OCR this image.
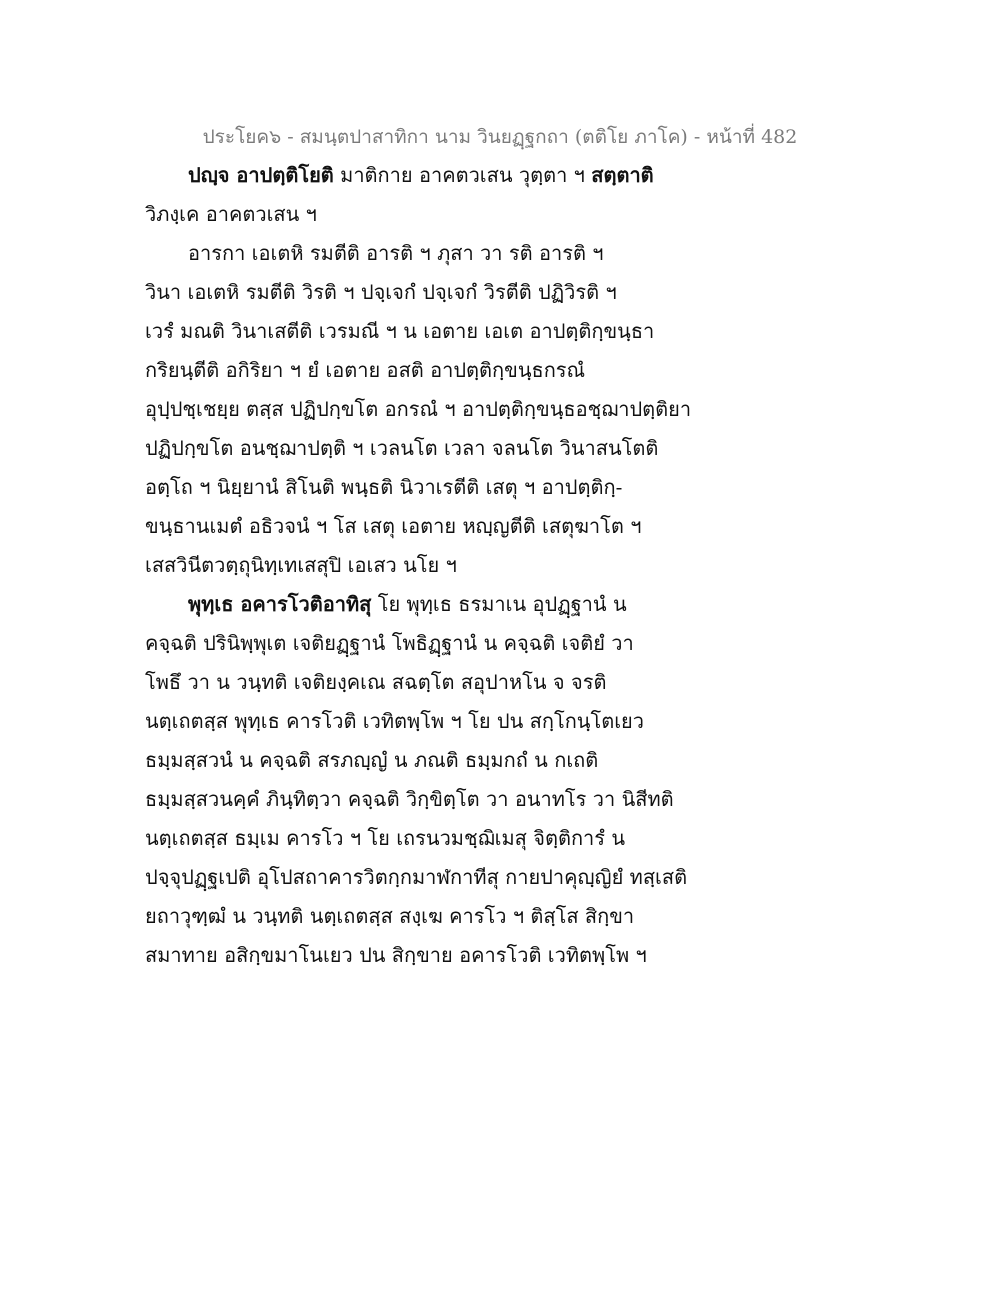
ประโยค๖ - สมนฺตปาสาทิกา นาม วินยฏฺฐกถา (ตติโย ภาโค) - หน้าที่ 482
ปญฺจ อาปตฺติโยติ มาติกาย อาคตวเสน วุตฺตา ฯ สตฺตาติ
วิภงฺเค อาคตวเสน ฯ
อารกา เอเตหิ รมตีติ อารติ ฯ ภุสา วา รติ อารติ ฯ
วินา เอเตหิ รมตีติ วิรติ ฯ ปจฺเจกํ ปจฺเจกํ วิรตีติ ปฏิวิรติ ฯ
เวรํ มณติ วินาเสตีติ เวรมณี ฯ น เอตาย เอเต อาปตฺติกฺขนฺธา
กริยนฺตีติ อกิริยา ฯ ยํ เอตาย อสติ อาปตฺติกฺขนฺธกรณํ
อุปฺปชฺเชยฺย ตสฺส ปฏิปกฺขโต อกรณํ ฯ อาปตฺติกฺขนฺธอชฺฌาปตฺติยา
ปฏิปกฺขโต อนชฺฌาปตฺติ ฯ เวลนโต เวลา จลนโต วินาสนโตติ
อตฺโถ ฯ นิยฺยานํ สิโนติ พนฺธติ นิวาเรตีติ เสตุ ฯ อาปตฺติกฺ-
ขนฺธานเมตํ อธิวจนํ ฯ โส เสตุ เอตาย หญฺญตีติ เสตุฆาโต ฯ
เสสวินีตวตฺถุนิทฺเทเสสุปิ เอเสว นโย ฯ
พุทฺเธ อคารโวติอาทิสุ โย พุทฺเธ ธรมาเน อุปฏฺฐานํ น
คจฺฉติ ปรินิพฺพุเต เจติยฏฺฐานํ โพธิฏฺฐานํ น คจฺฉติ เจติยํ วา
โพธึ วา น วนฺทติ เจติยงฺคเณ สฉตฺโต สอุปาหโน จ จรติ
นตฺเถตสฺส พุทฺเธ คารโวติ เวทิตพฺโพ ฯ โย ปน สกฺโกนฺโตเยว
ธมฺมสฺสวนํ น คจฺฉติ สรภญฺญํ น ภณติ ธมฺมกถํ น กเถติ
ธมฺมสฺสวนคฺคํ ภินฺทิตฺวา คจฺฉติ วิกฺขิตฺโต วา อนาทโร วา นิสีทติ
นตฺเถตสฺส ธมฺเม คารโว ฯ โย เถรนวมชฺฌิเมสุ จิตฺติการํ น
ปจฺจุปฏฺฐเปติ อุโปสถาคารวิตกฺกมาฬกาทีสุ กายปาคุญฺญิยํ ทสฺเสติ
ยถาวุฑฺฒํ น วนฺทติ นตฺเถตสฺส สงฺเฆ คารโว ฯ ติสฺโส สิกฺขา
สมาทาย อสิกฺขมาโนเยว ปน สิกฺขาย อคารโวติ เวทิตพฺโพ ฯ
